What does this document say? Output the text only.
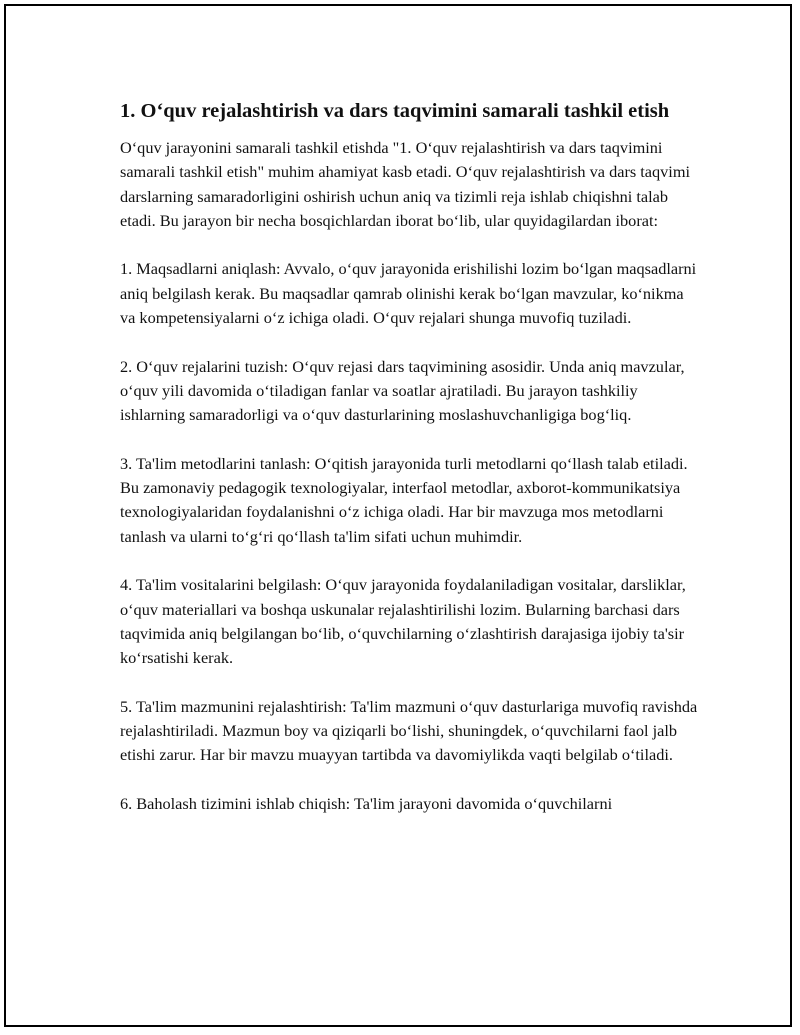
1. O‘quv rejalashtirish va dars taqvimini samarali tashkil etish

O‘quv jarayonini samarali tashkil etishda "1. O‘quv rejalashtirish va dars taqvimini samarali tashkil etish" muhim ahamiyat kasb etadi. O‘quv rejalashtirish va dars taqvimi darslarning samaradorligini oshirish uchun aniq va tizimli reja ishlab chiqishni talab etadi. Bu jarayon bir necha bosqichlardan iborat bo‘lib, ular quyidagilardan iborat:

1. Maqsadlarni aniqlash: Avvalo, o‘quv jarayonida erishilishi lozim bo‘lgan maqsadlarni aniq belgilash kerak. Bu maqsadlar qamrab olinishi kerak bo‘lgan mavzular, ko‘nikma va kompetensiyalarni o‘z ichiga oladi. O‘quv rejalari shunga muvofiq tuziladi.

2. O‘quv rejalarini tuzish: O‘quv rejasi dars taqvimining asosidir. Unda aniq mavzular, o‘quv yili davomida o‘tiladigan fanlar va soatlar ajratiladi. Bu jarayon tashkiliy ishlarning samaradorligi va o‘quv dasturlarining moslashuvchanligiga bog‘liq.

3. Ta'lim metodlarini tanlash: O‘qitish jarayonida turli metodlarni qo‘llash talab etiladi. Bu zamonaviy pedagogik texnologiyalar, interfaol metodlar, axborot-kommunikatsiya texnologiyalaridan foydalanishni o‘z ichiga oladi. Har bir mavzuga mos metodlarni tanlash va ularni to‘g‘ri qo‘llash ta'lim sifati uchun muhimdir.

4. Ta'lim vositalarini belgilash: O‘quv jarayonida foydalaniladigan vositalar, darsliklar, o‘quv materiallari va boshqa uskunalar rejalashtirilishi lozim. Bularning barchasi dars taqvimida aniq belgilangan bo‘lib, o‘quvchilarning o‘zlashtirish darajasiga ijobiy ta'sir ko‘rsatishi kerak.

5. Ta'lim mazmunini rejalashtirish: Ta'lim mazmuni o‘quv dasturlariga muvofiq ravishda rejalashtiriladi. Mazmun boy va qiziqarli bo‘lishi, shuningdek, o‘quvchilarni faol jalb etishi zarur. Har bir mavzu muayyan tartibda va davomiylikda vaqti belgilab o‘tiladi.

6. Baholash tizimini ishlab chiqish: Ta'lim jarayoni davomida o‘quvchilarni
